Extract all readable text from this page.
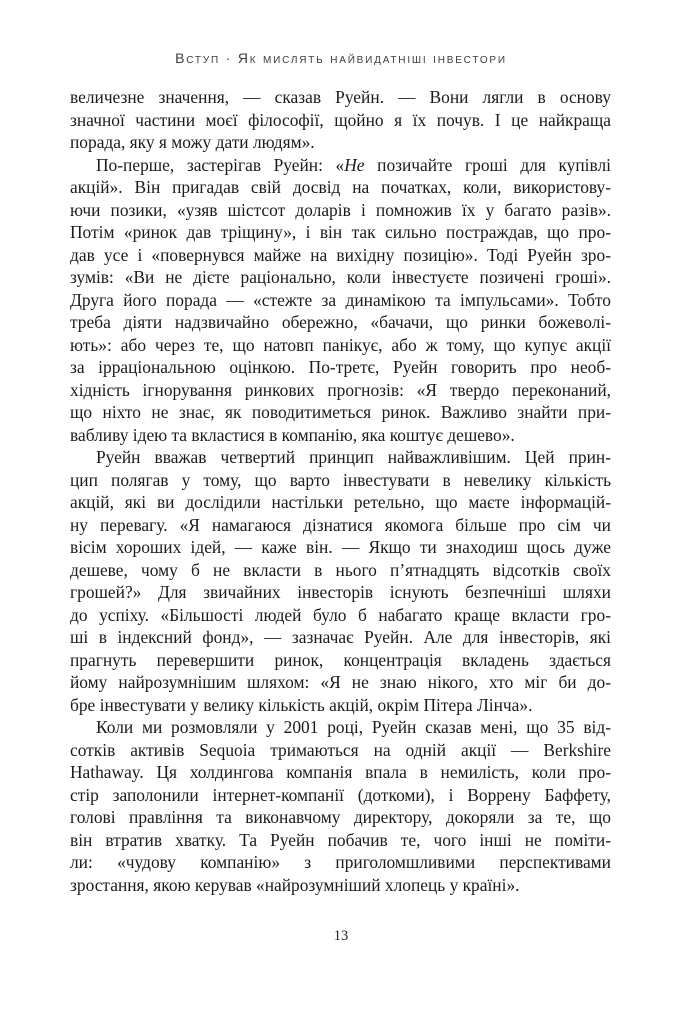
Вступ · Як мислять найвидатніші інвестори
величезне значення, — сказав Руейн. — Вони лягли в основу
значної частини моєї філософії, щойно я їх почув. І це найкраща
порада, яку я можу дати людям».
По-перше, застерігав Руейн: «Не позичайте гроші для купівлі
акцій». Він пригадав свій досвід на початках, коли, використову-
ючи позики, «узяв шістсот доларів і помножив їх у багато разів».
Потім «ринок дав тріщину», і він так сильно постраждав, що про-
дав усе і «повернувся майже на вихідну позицію». Тоді Руейн зро-
зумів: «Ви не дієте раціонально, коли інвестуєте позичені гроші».
Друга його порада — «стежте за динамікою та імпульсами». Тобто
треба діяти надзвичайно обережно, «бачачи, що ринки божеволі-
ють»: або через те, що натовп панікує, або ж тому, що купує акції
за ірраціональною оцінкою. По-третє, Руейн говорить про необ-
хідність ігнорування ринкових прогнозів: «Я твердо переконаний,
що ніхто не знає, як поводитиметься ринок. Важливо знайти при-
вабливу ідею та вкластися в компанію, яка коштує дешево».
Руейн вважав четвертий принцип найважливішим. Цей прин-
цип полягав у тому, що варто інвестувати в невелику кількість
акцій, які ви дослідили настільки ретельно, що маєте інформацій-
ну перевагу. «Я намагаюся дізнатися якомога більше про сім чи
вісім хороших ідей, — каже він. — Якщо ти знаходиш щось дуже
дешеве, чому б не вкласти в нього п’ятнадцять відсотків своїх
грошей?» Для звичайних інвесторів існують безпечніші шляхи
до успіху. «Більшості людей було б набагато краще вкласти гро-
ші в індексний фонд», — зазначає Руейн. Але для інвесторів, які
прагнуть перевершити ринок, концентрація вкладень здається
йому найрозумнішим шляхом: «Я не знаю нікого, хто міг би до-
бре інвестувати у велику кількість акцій, окрім Пітера Лінча».
Коли ми розмовляли у 2001 році, Руейн сказав мені, що 35 від-
сотків активів Sequoia тримаються на одній акції — Berkshire
Hathaway. Ця холдингова компанія впала в немилість, коли про-
стір заполонили інтернет-компанії (доткоми), і Воррену Баффету,
голові правління та виконавчому директору, докоряли за те, що
він втратив хватку. Та Руейн побачив те, чого інші не поміти-
ли: «чудову компанію» з приголомшливими перспективами
зростання, якою керував «найрозумніший хлопець у країні».
13
